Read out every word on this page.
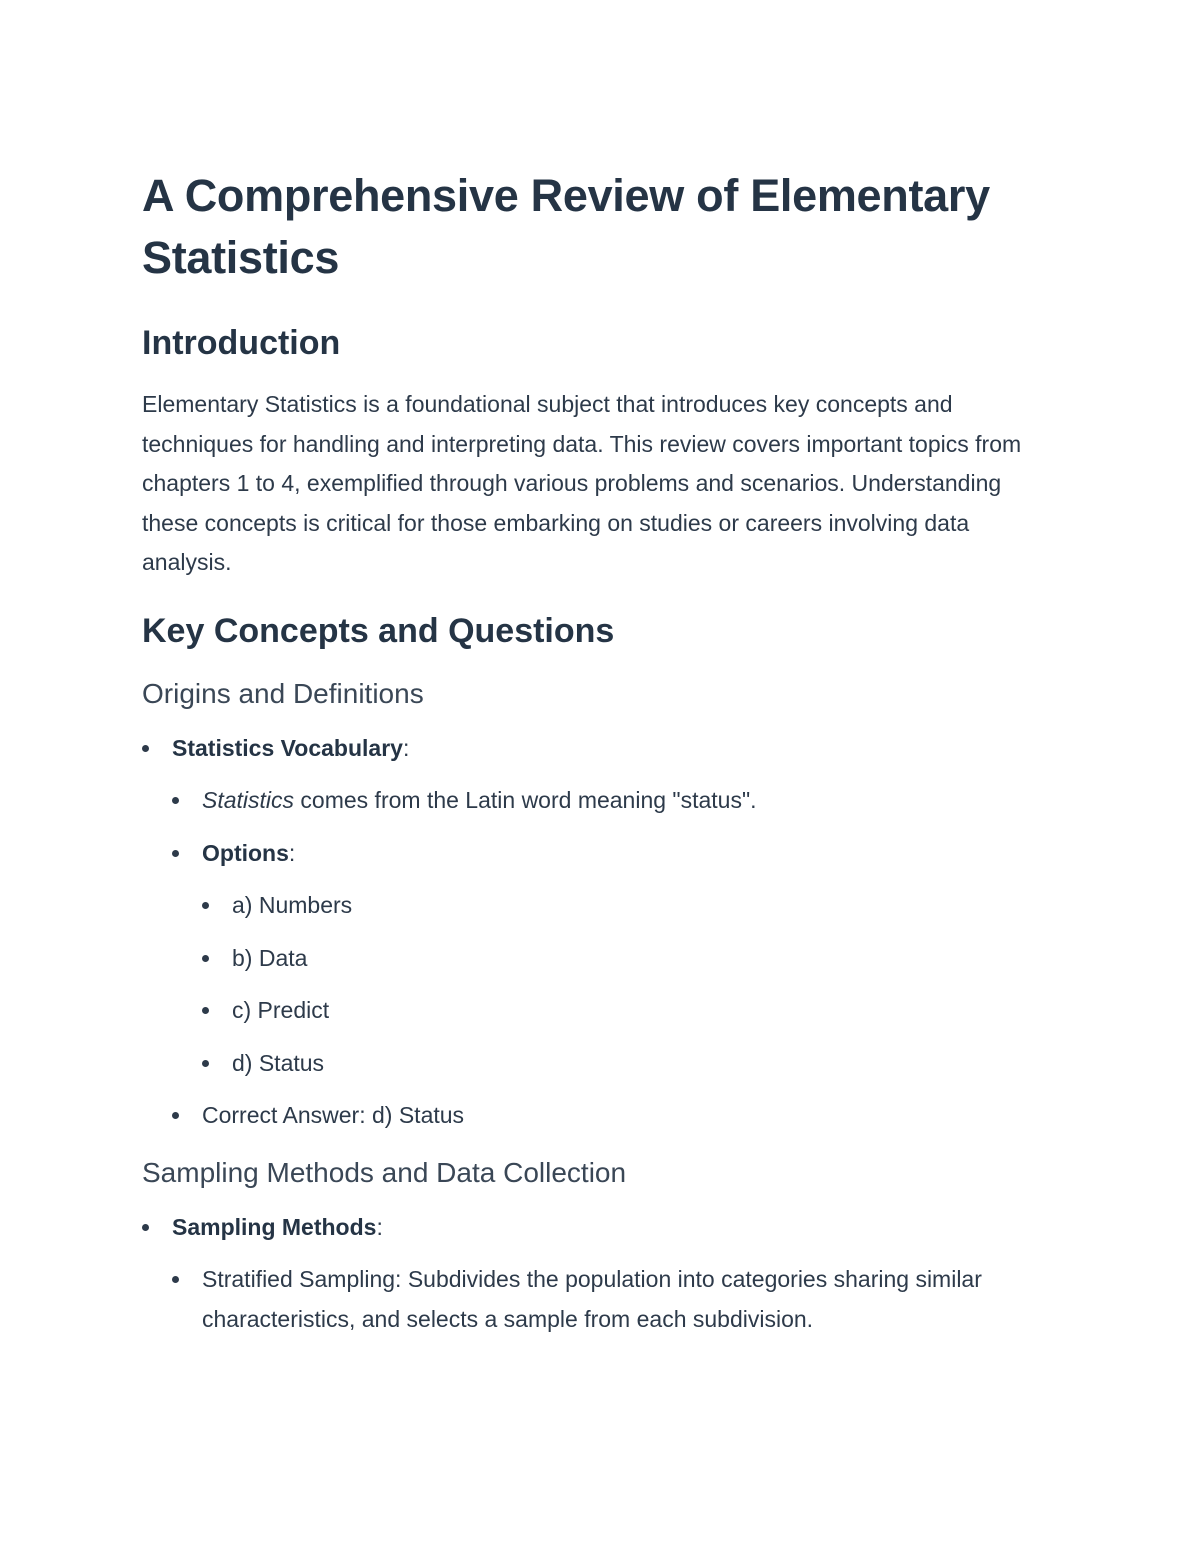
A Comprehensive Review of Elementary Statistics
Introduction

Elementary Statistics is a foundational subject that introduces key concepts and techniques for handling and interpreting data. This review covers important topics from chapters 1 to 4, exemplified through various problems and scenarios. Understanding these concepts is critical for those embarking on studies or careers involving data analysis.

Key Concepts and Questions
Origins and Definitions
Statistics Vocabulary:
Statistics comes from the Latin word meaning "status".
Options:
a) Numbers
b) Data
c) Predict
d) Status
Correct Answer: d) Status
Sampling Methods and Data Collection
Sampling Methods:
Stratified Sampling: Subdivides the population into categories sharing similar characteristics, and selects a sample from each subdivision.
